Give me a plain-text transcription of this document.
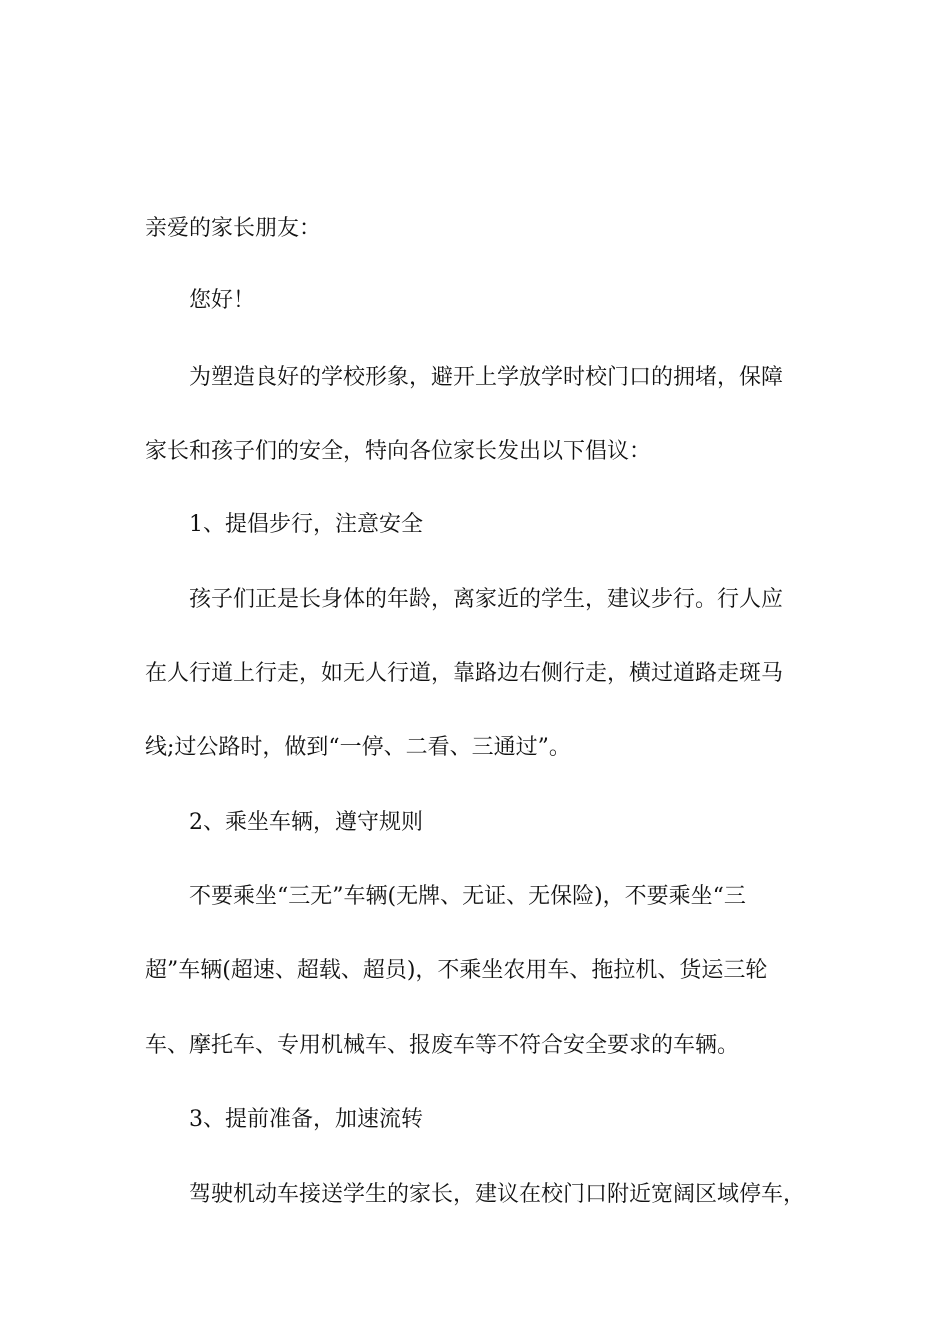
亲爱的家长朋友：

您好！

为塑造良好的学校形象，避开上学放学时校门口的拥堵，保障

家长和孩子们的安全，特向各位家长发出以下倡议：

1、提倡步行，注意安全

孩子们正是长身体的年龄，离家近的学生，建议步行。行人应

在人行道上行走，如无人行道，靠路边右侧行走，横过道路走斑马

线;过公路时，做到“一停、二看、三通过”。

2、乘坐车辆，遵守规则

不要乘坐“三无”车辆(无牌、无证、无保险)，不要乘坐“三

超”车辆(超速、超载、超员)，不乘坐农用车、拖拉机、货运三轮

车、摩托车、专用机械车、报废车等不符合安全要求的车辆。

3、提前准备，加速流转

驾驶机动车接送学生的家长，建议在校门口附近宽阔区域停车，
